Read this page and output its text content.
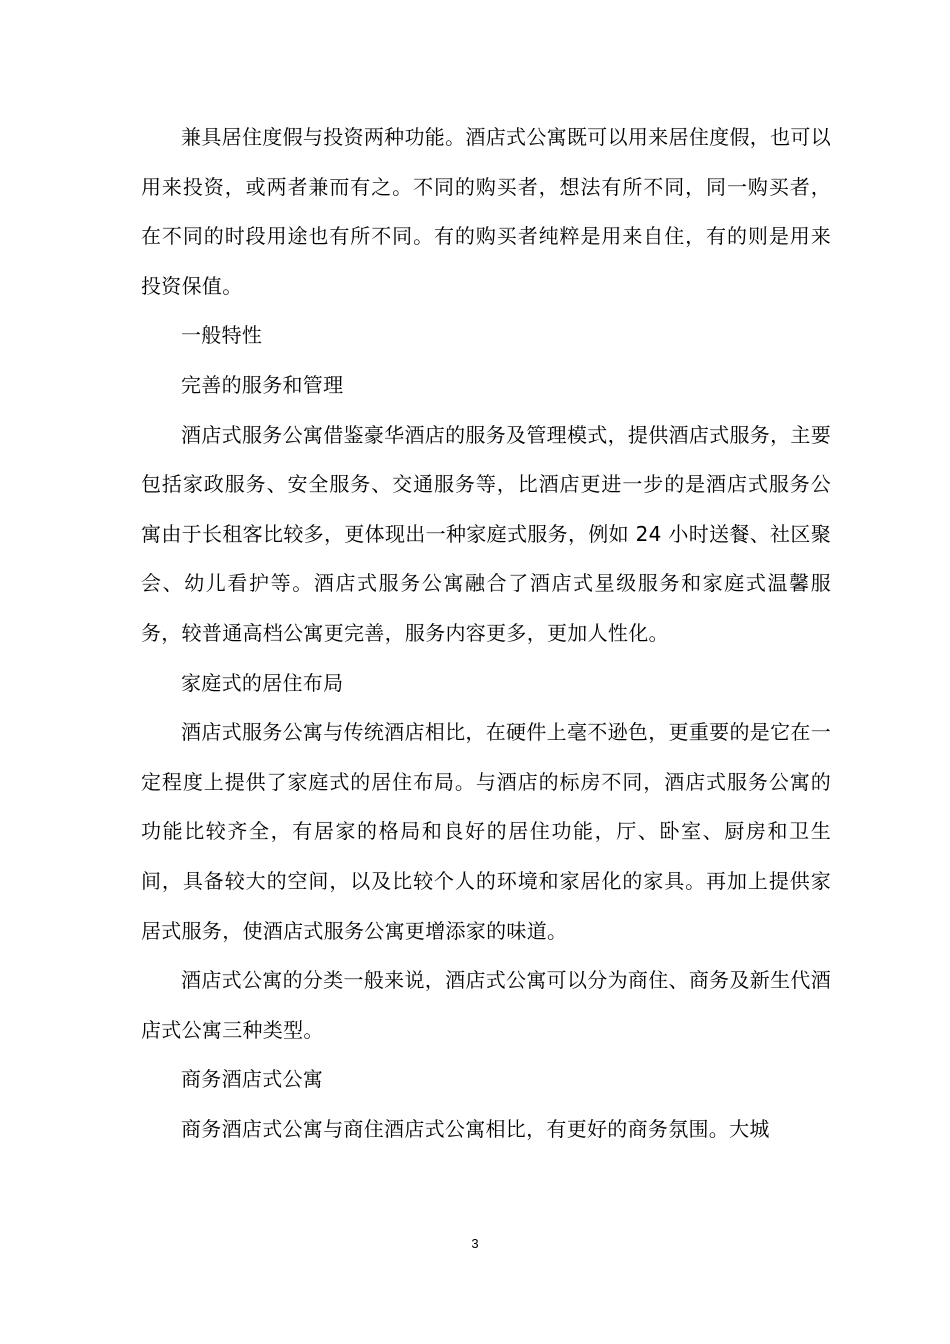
兼具居住度假与投资两种功能。酒店式公寓既可以用来居住度假，也可以用来投资，或两者兼而有之。不同的购买者，想法有所不同，同一购买者，在不同的时段用途也有所不同。有的购买者纯粹是用来自住，有的则是用来投资保值。

一般特性

完善的服务和管理

酒店式服务公寓借鉴豪华酒店的服务及管理模式，提供酒店式服务，主要包括家政服务、安全服务、交通服务等，比酒店更进一步的是酒店式服务公寓由于长租客比较多，更体现出一种家庭式服务，例如 24 小时送餐、社区聚会、幼儿看护等。酒店式服务公寓融合了酒店式星级服务和家庭式温馨服务，较普通高档公寓更完善，服务内容更多，更加人性化。

家庭式的居住布局

酒店式服务公寓与传统酒店相比，在硬件上毫不逊色，更重要的是它在一定程度上提供了家庭式的居住布局。与酒店的标房不同，酒店式服务公寓的功能比较齐全，有居家的格局和良好的居住功能，厅、卧室、厨房和卫生间，具备较大的空间，以及比较个人的环境和家居化的家具。再加上提供家居式服务，使酒店式服务公寓更增添家的味道。

酒店式公寓的分类一般来说，酒店式公寓可以分为商住、商务及新生代酒店式公寓三种类型。

商务酒店式公寓

商务酒店式公寓与商住酒店式公寓相比，有更好的商务氛围。大城

3
